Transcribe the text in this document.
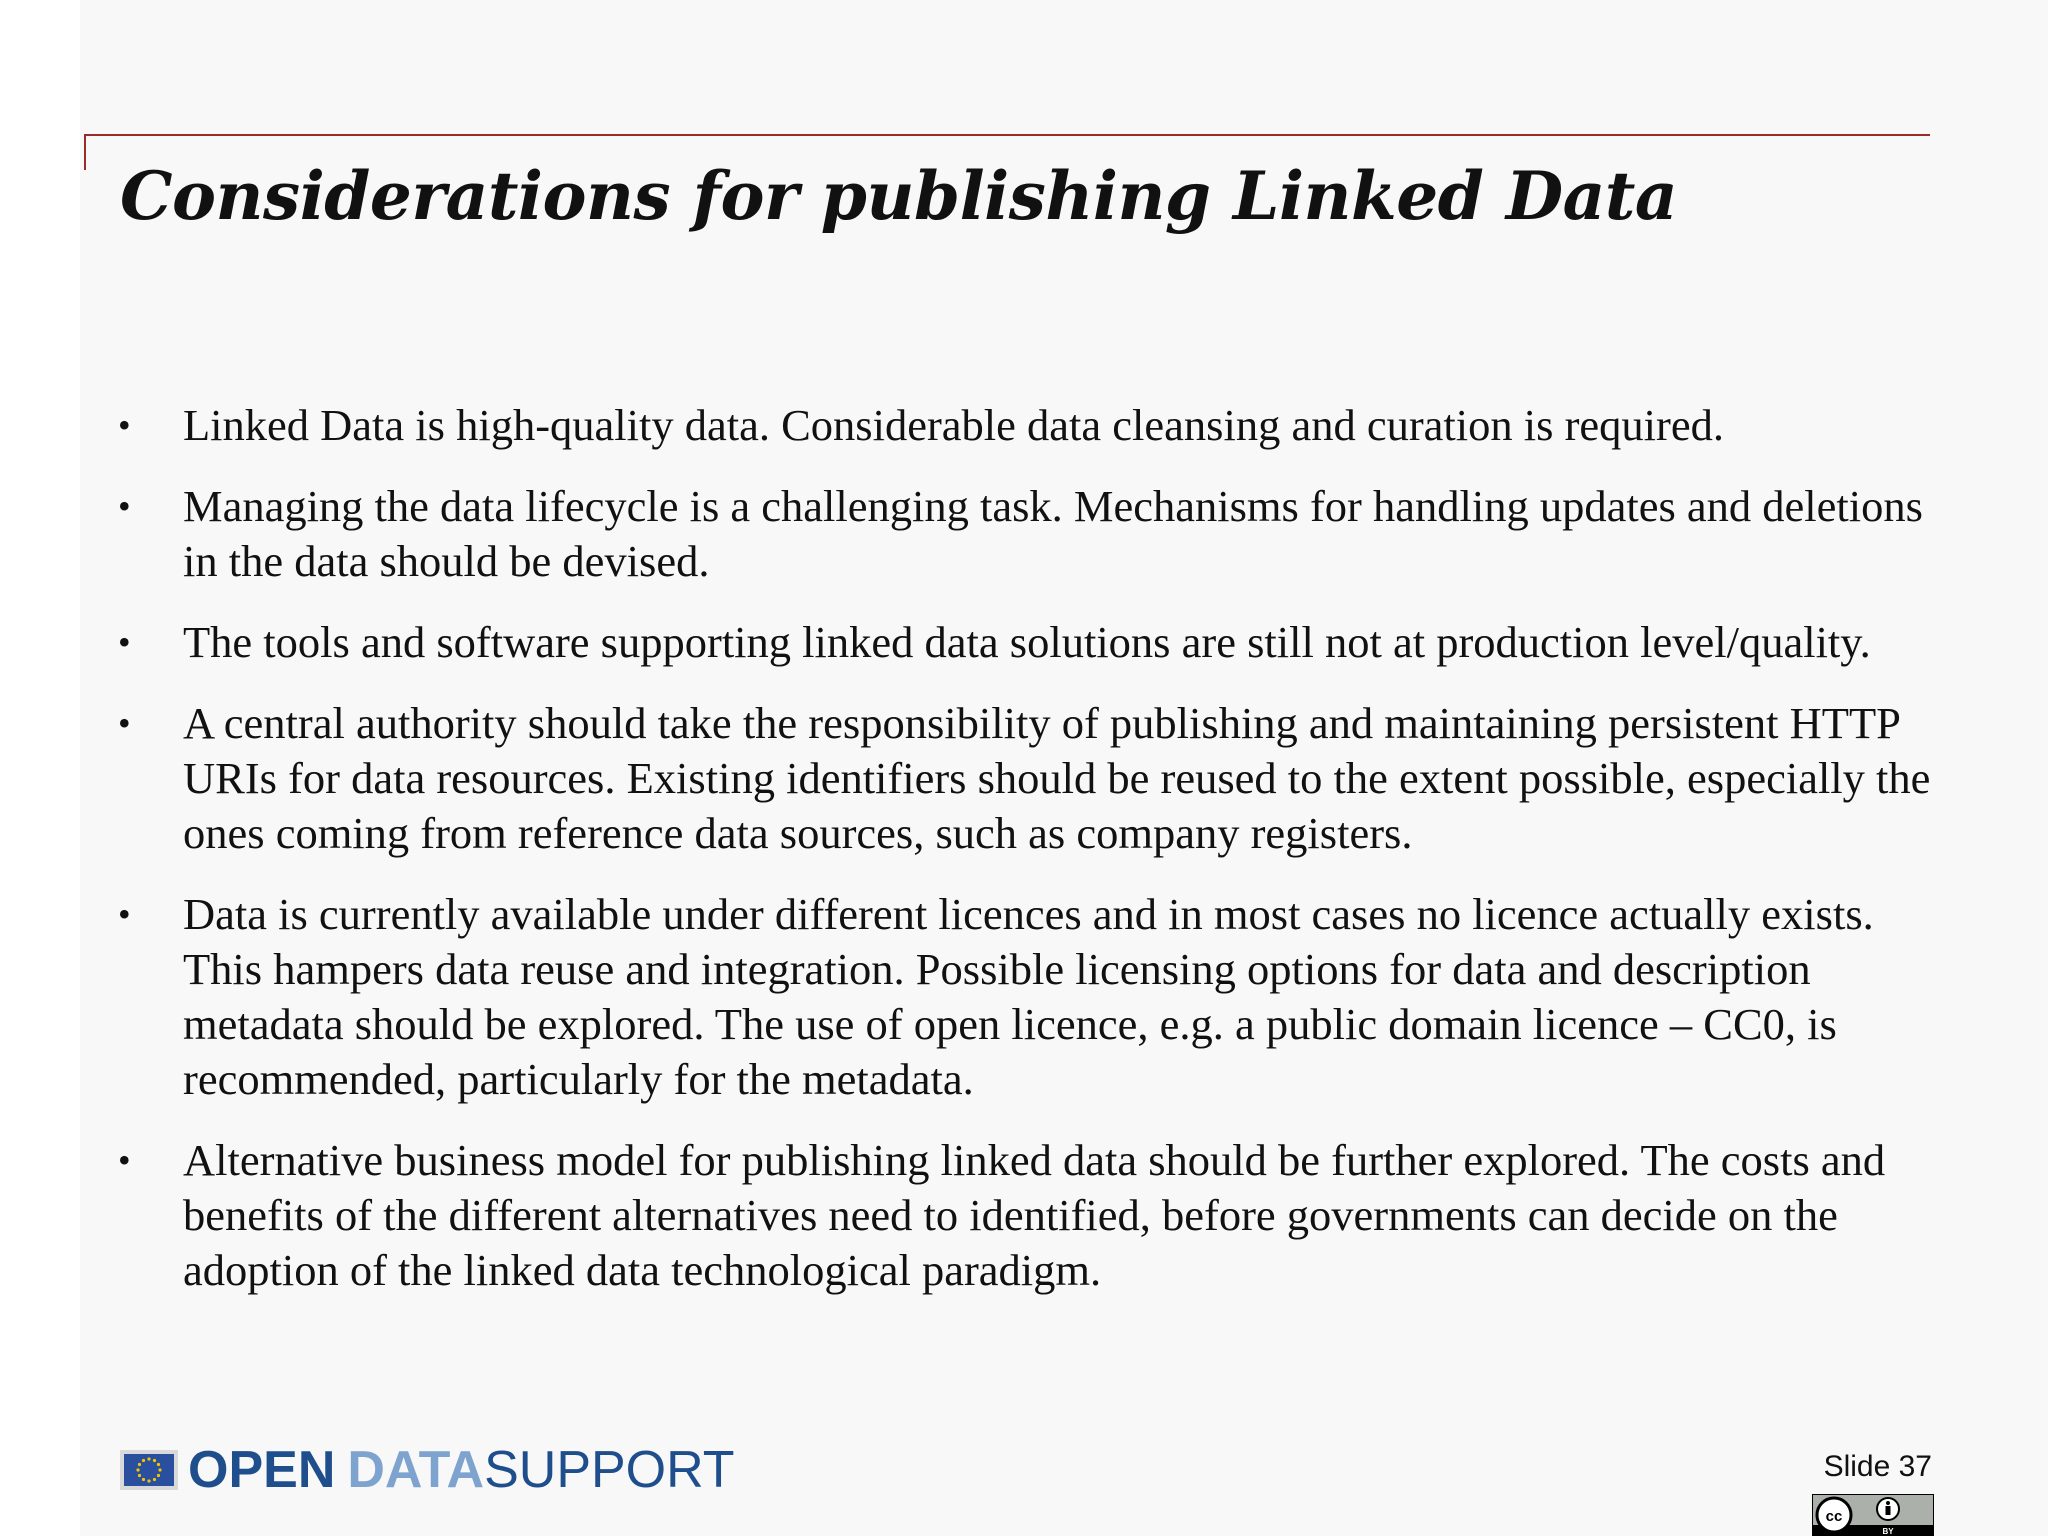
Considerations for publishing Linked Data
• Linked Data is high-quality data. Considerable data cleansing and curation is required.
• Managing the data lifecycle is a challenging task. Mechanisms for handling updates and deletions in the data should be devised.
• The tools and software supporting linked data solutions are still not at production level/quality.
• A central authority should take the responsibility of publishing and maintaining persistent HTTP URIs for data resources. Existing identifiers should be reused to the extent possible, especially the ones coming from reference data sources, such as company registers.
• Data is currently available under different licences and in most cases no licence actually exists. This hampers data reuse and integration. Possible licensing options for data and description metadata should be explored. The use of open licence, e.g. a public domain licence – CC0, is recommended, particularly for the metadata.
• Alternative business model for publishing linked data should be further explored. The costs and benefits of the different alternatives need to identified, before governments can decide on the adoption of the linked data technological paradigm.
OPEN DATASUPPORT	Slide 37
cc
BY
